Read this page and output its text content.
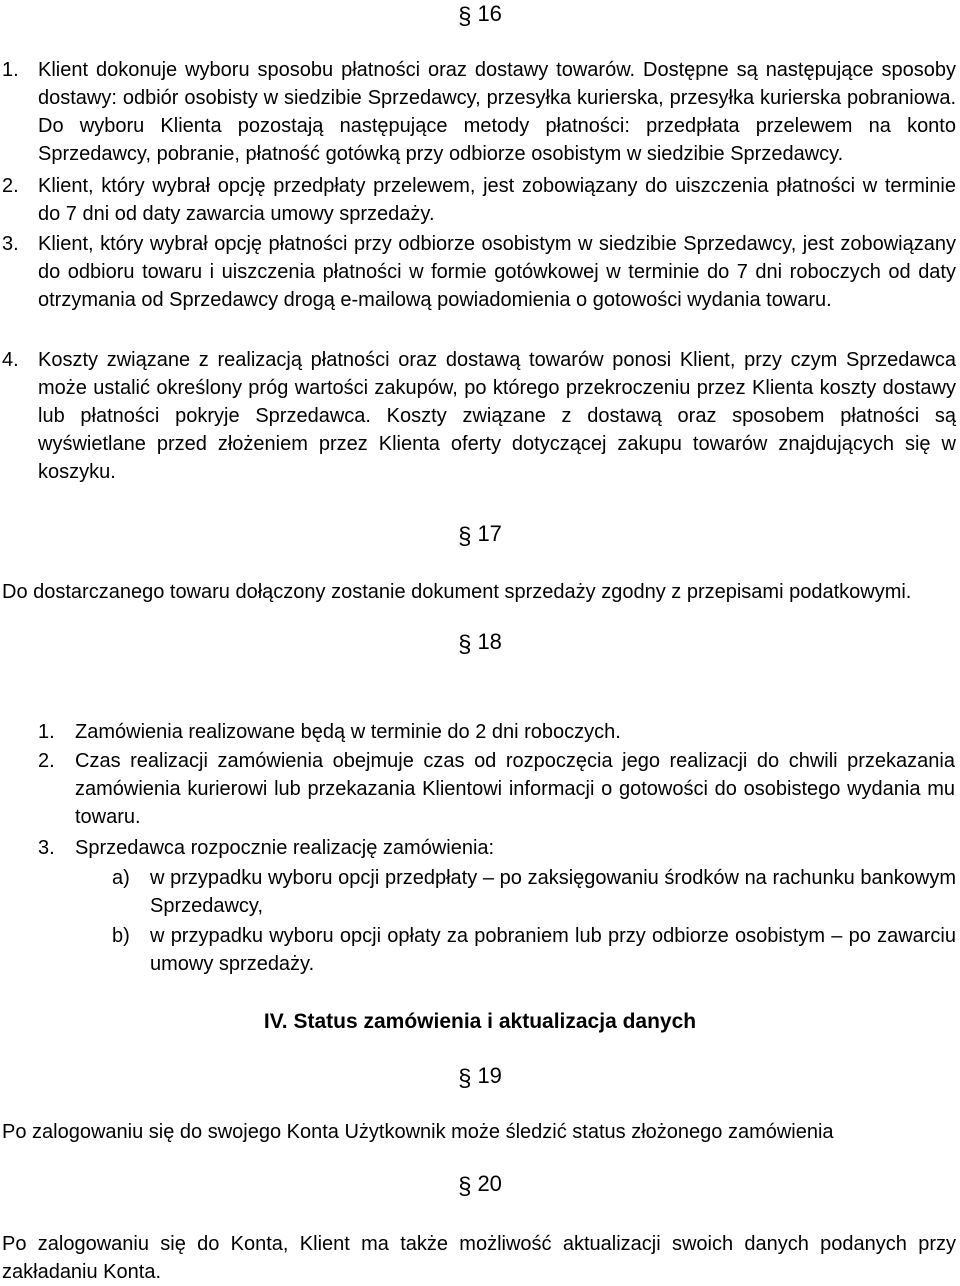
§ 16
1. Klient dokonuje wyboru sposobu płatności oraz dostawy towarów. Dostępne są następujące sposoby dostawy: odbiór osobisty w siedzibie Sprzedawcy, przesyłka kurierska, przesyłka kurierska pobraniowa. Do wyboru Klienta pozostają następujące metody płatności: przedpłata przelewem na konto Sprzedawcy, pobranie, płatność gotówką przy odbiorze osobistym w siedzibie Sprzedawcy.

2. Klient, który wybrał opcję przedpłaty przelewem, jest zobowiązany do uiszczenia płatności w terminie do 7 dni od daty zawarcia umowy sprzedaży.

3. Klient, który wybrał opcję płatności przy odbiorze osobistym w siedzibie Sprzedawcy, jest zobowiązany do odbioru towaru i uiszczenia płatności w formie gotówkowej w terminie do 7 dni roboczych od daty otrzymania od Sprzedawcy drogą e-mailową powiadomienia o gotowości wydania towaru.

4. Koszty związane z realizacją płatności oraz dostawą towarów ponosi Klient, przy czym Sprzedawca może ustalić określony próg wartości zakupów, po którego przekroczeniu przez Klienta koszty dostawy lub płatności pokryje Sprzedawca. Koszty związane z dostawą oraz sposobem płatności są wyświetlane przed złożeniem przez Klienta oferty dotyczącej zakupu towarów znajdujących się w koszyku.

§ 17

Do dostarczanego towaru dołączony zostanie dokument sprzedaży zgodny z przepisami podatkowymi.

§ 18
1. Zamówienia realizowane będą w terminie do 2 dni roboczych.

2. Czas realizacji zamówienia obejmuje czas od rozpoczęcia jego realizacji do chwili przekazania zamówienia kurierowi lub przekazania Klientowi informacji o gotowości do osobistego wydania mu towaru.

3. Sprzedawca rozpocznie realizację zamówienia:

a) w przypadku wyboru opcji przedpłaty – po zaksięgowaniu środków na rachunku bankowym Sprzedawcy,

b) w przypadku wyboru opcji opłaty za pobraniem lub przy odbiorze osobistym – po zawarciu umowy sprzedaży.

IV. Status zamówienia i aktualizacja danych
§ 19

Po zalogowaniu się do swojego Konta Użytkownik może śledzić status złożonego zamówienia

§ 20

Po zalogowaniu się do Konta, Klient ma także możliwość aktualizacji swoich danych podanych przy zakładaniu Konta.
